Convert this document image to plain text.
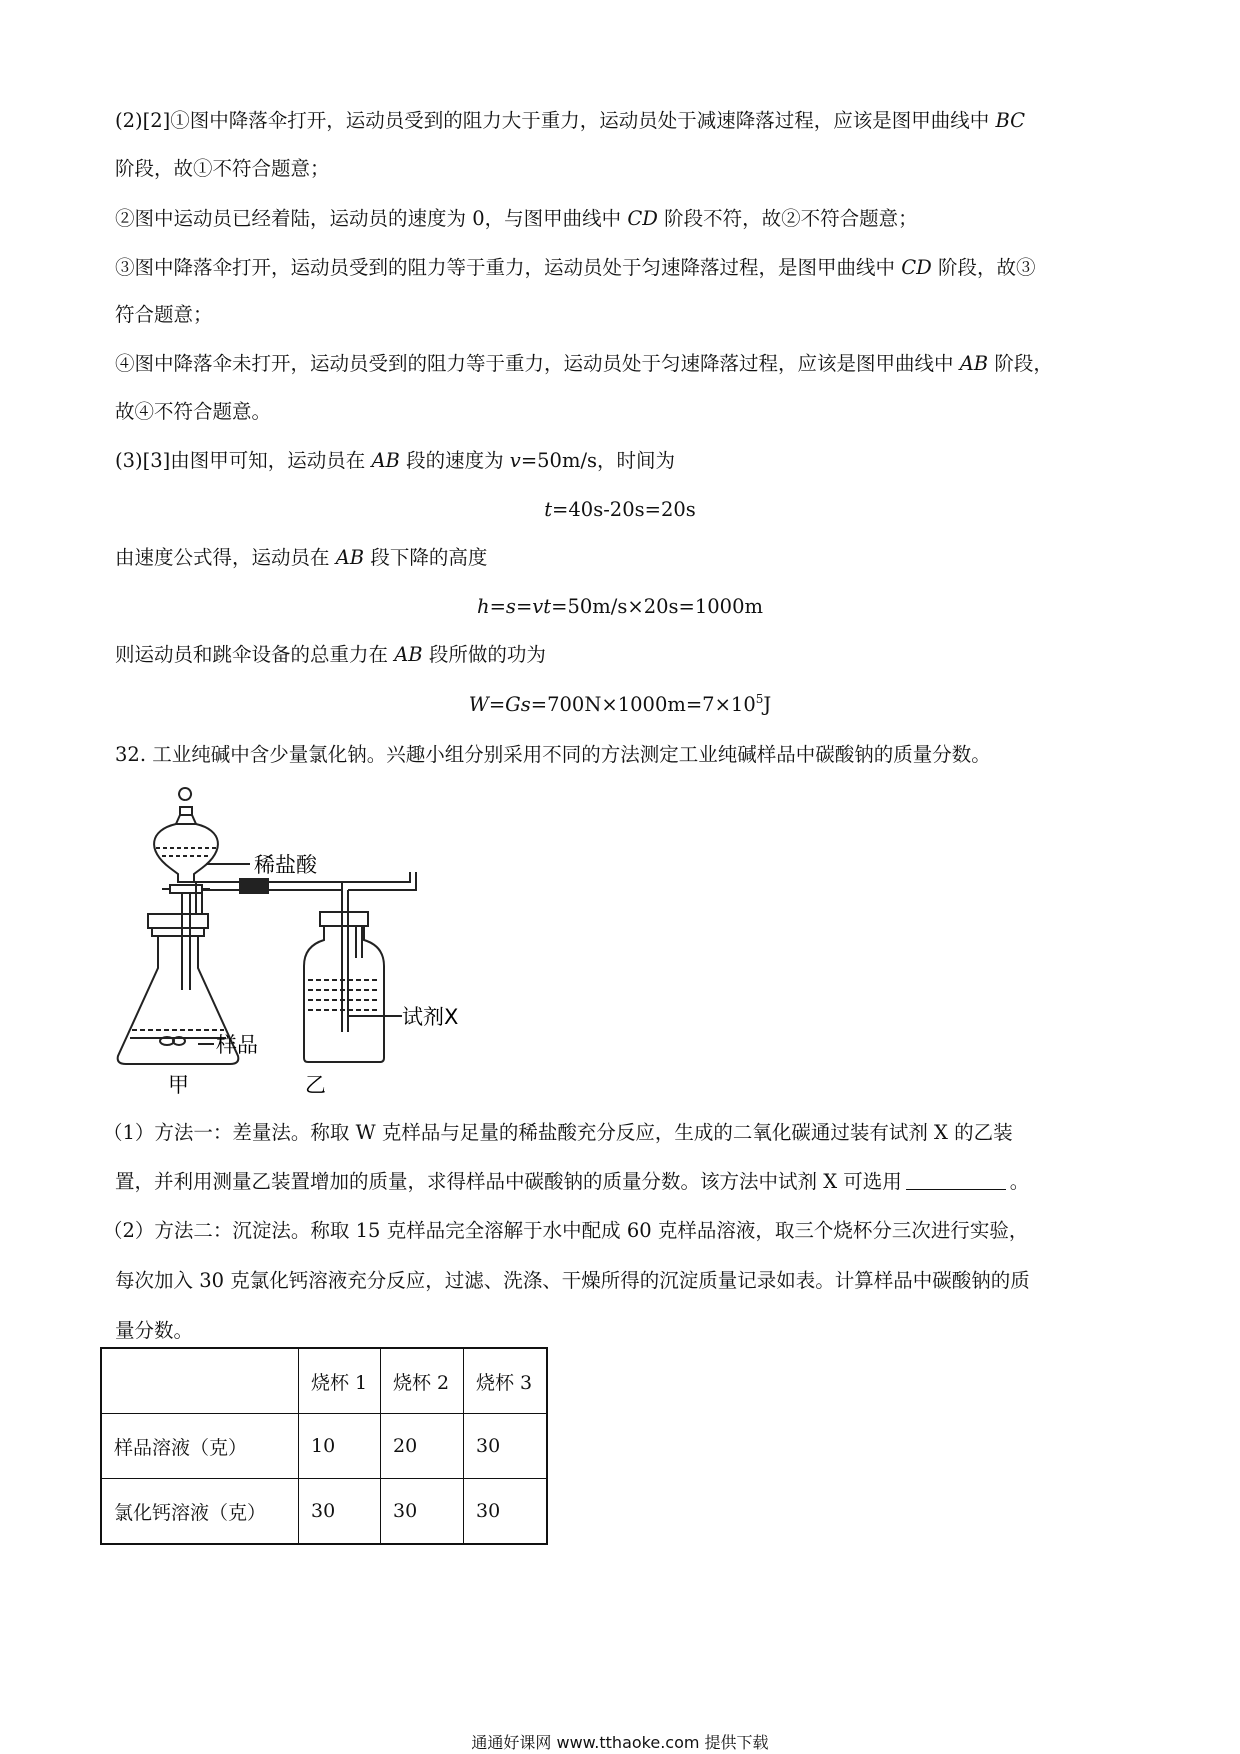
(2)[2]①图中降落伞打开，运动员受到的阻力大于重力，运动员处于减速降落过程，应该是图甲曲线中 BC
阶段，故①不符合题意；
②图中运动员已经着陆，运动员的速度为 0，与图甲曲线中 CD 阶段不符，故②不符合题意；
③图中降落伞打开，运动员受到的阻力等于重力，运动员处于匀速降落过程，是图甲曲线中 CD 阶段，故③
符合题意；
④图中降落伞未打开，运动员受到的阻力等于重力，运动员处于匀速降落过程，应该是图甲曲线中 AB 阶段，
故④不符合题意。
(3)[3]由图甲可知，运动员在 AB 段的速度为 v=50m/s，时间为
t=40s-20s=20s
由速度公式得，运动员在 AB 段下降的高度
h=s=vt=50m/s×20s=1000m
则运动员和跳伞设备的总重力在 AB 段所做的功为
$W=Gs=700N\times 1000m=7\times 10^5J$
32. 工业纯碱中含少量氯化钠。兴趣小组分别采用不同的方法测定工业纯碱样品中碳酸钠的质量分数。
稀盐酸
试剂X
样品
甲	乙
（1）方法一：差量法。称取 W 克样品与足量的稀盐酸充分反应，生成的二氧化碳通过装有试剂 X 的乙装
置，并利用测量乙装置增加的质量，求得样品中碳酸钠的质量分数。该方法中试剂 X 可选用	。
（2）方法二：沉淀法。称取 15 克样品完全溶解于水中配成 60 克样品溶液，取三个烧杯分三次进行实验，
每次加入 30 克氯化钙溶液充分反应，过滤、洗涤、干燥所得的沉淀质量记录如表。计算样品中碳酸钠的质
量分数。
	烧杯 1	烧杯 2	烧杯 3
样品溶液（克）	10	20	30
氯化钙溶液（克）	30	30	30
通通好课网 www.tthaoke.com 提供下载
